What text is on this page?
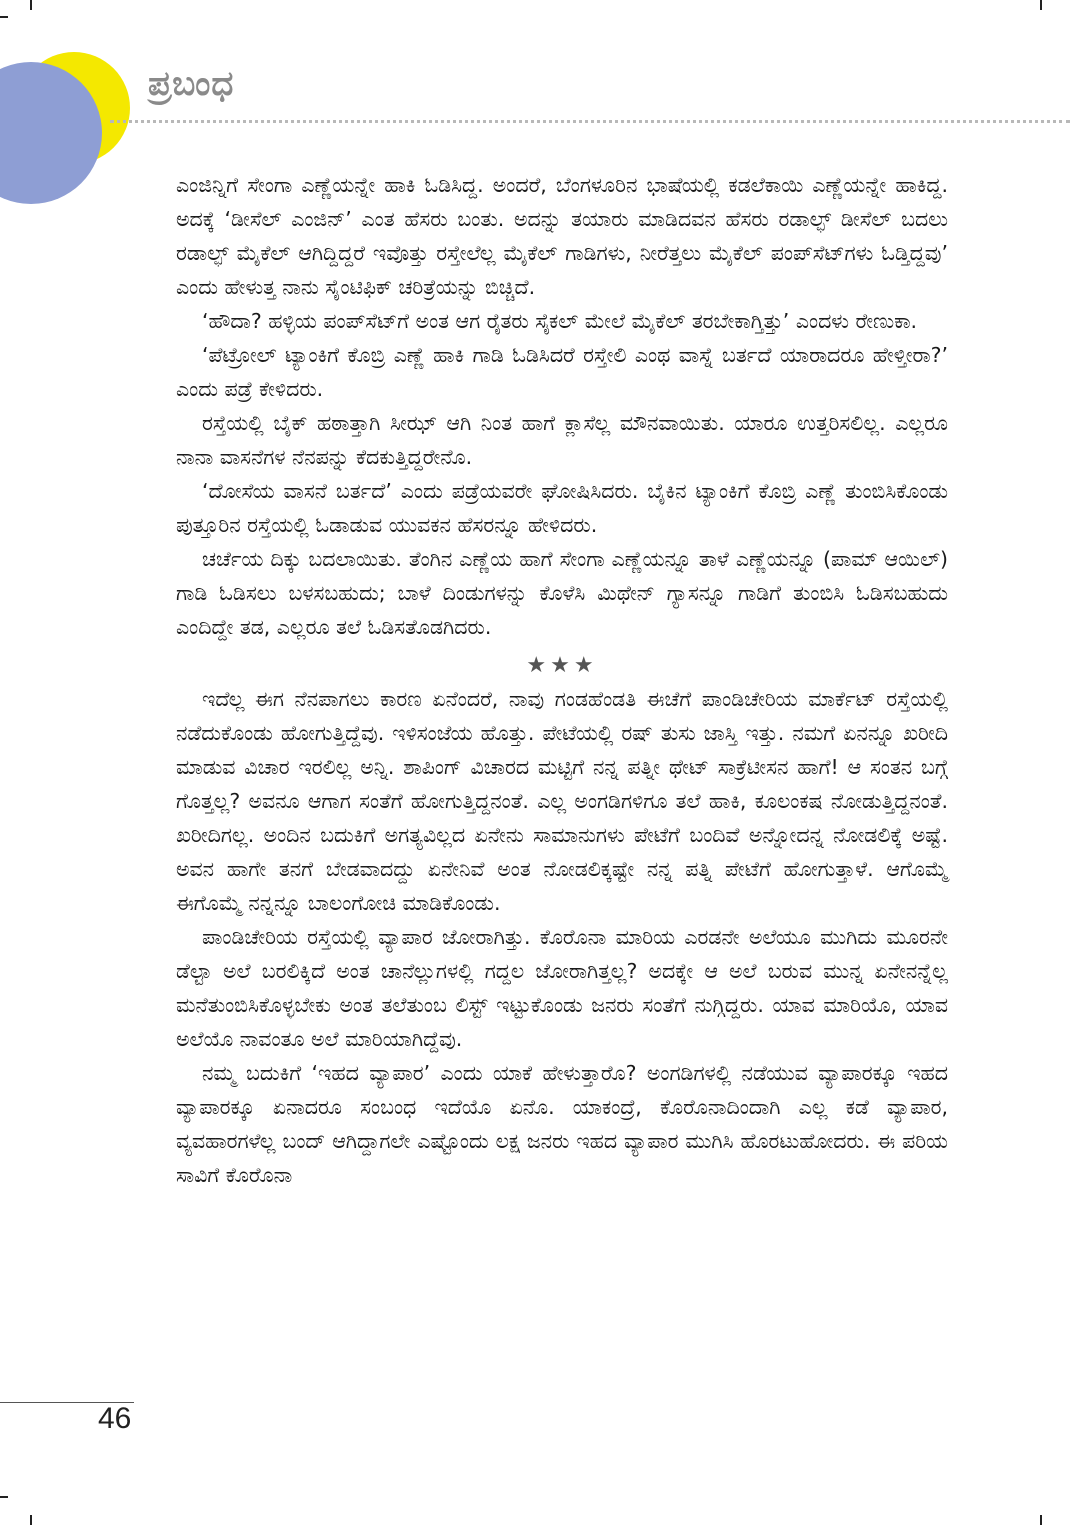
ಪ್ರಬಂಧ

ಎಂಜಿನ್ನಿಗೆ ಸೇಂಗಾ ಎಣ್ಣೆಯನ್ನೇ ಹಾಕಿ ಓಡಿಸಿದ್ದ. ಅಂದರೆ, ಬೆಂಗಳೂರಿನ ಭಾಷೆಯಲ್ಲಿ ಕಡಲೆಕಾಯಿ ಎಣ್ಣೆಯನ್ನೇ ಹಾಕಿದ್ದ. ಅದಕ್ಕೆ ‘ಡೀಸೆಲ್ ಎಂಜಿನ್’ ಎಂತ ಹೆಸರು ಬಂತು. ಅದನ್ನು ತಯಾರು ಮಾಡಿದವನ ಹೆಸರು ರಡಾಲ್ಫ್ ಡೀಸೆಲ್ ಬದಲು ರಡಾಲ್ಫ್ ಮೈಕೆಲ್ ಆಗಿದ್ದಿದ್ದರೆ ಇವೊತ್ತು ರಸ್ತೇಲೆಲ್ಲ ಮೈಕೆಲ್ ಗಾಡಿಗಳು, ನೀರೆತ್ತಲು ಮೈಕೆಲ್ ಪಂಪ್‌ಸೆಟ್‌ಗಳು ಓಡ್ತಿದ್ದವು’ ಎಂದು ಹೇಳುತ್ತ ನಾನು ಸೈಂಟಿಫಿಕ್ ಚರಿತ್ರೆಯನ್ನು ಬಿಚ್ಚಿದೆ.

‘ಹೌದಾ? ಹಳ್ಳಿಯ ಪಂಪ್‌ಸೆಟ್‌ಗೆ ಅಂತ ಆಗ ರೈತರು ಸೈಕಲ್ ಮೇಲೆ ಮೈಕೆಲ್ ತರಬೇಕಾಗ್ತಿತ್ತು’ ಎಂದಳು ರೇಣುಕಾ.

‘ಪೆಟ್ರೋಲ್ ಟ್ಯಾಂಕಿಗೆ ಕೊಬ್ರಿ ಎಣ್ಣೆ ಹಾಕಿ ಗಾಡಿ ಓಡಿಸಿದರೆ ರಸ್ತೇಲಿ ಎಂಥ ವಾಸ್ನೆ ಬರ್ತದೆ ಯಾರಾದರೂ ಹೇಳ್ತೀರಾ?’ ಎಂದು ಪಡ್ರೆ ಕೇಳಿದರು.

ರಸ್ತೆಯಲ್ಲಿ ಬೈಕ್ ಹಠಾತ್ತಾಗಿ ಸೀಝ್ ಆಗಿ ನಿಂತ ಹಾಗೆ ಕ್ಲಾಸೆಲ್ಲ ಮೌನವಾಯಿತು. ಯಾರೂ ಉತ್ತರಿಸಲಿಲ್ಲ. ಎಲ್ಲರೂ ನಾನಾ ವಾಸನೆಗಳ ನೆನಪನ್ನು ಕೆದಕುತ್ತಿದ್ದರೇನೊ.

‘ದೋಸೆಯ ವಾಸನೆ ಬರ್ತದೆ’ ಎಂದು ಪಡ್ರೆಯವರೇ ಘೋಷಿಸಿದರು. ಬೈಕಿನ ಟ್ಯಾಂಕಿಗೆ ಕೊಬ್ರಿ ಎಣ್ಣೆ ತುಂಬಿಸಿಕೊಂಡು ಪುತ್ತೂರಿನ ರಸ್ತೆಯಲ್ಲಿ ಓಡಾಡುವ ಯುವಕನ ಹೆಸರನ್ನೂ ಹೇಳಿದರು.

ಚರ್ಚೆಯ ದಿಕ್ಕು ಬದಲಾಯಿತು. ತೆಂಗಿನ ಎಣ್ಣೆಯ ಹಾಗೆ ಸೇಂಗಾ ಎಣ್ಣೆಯನ್ನೂ ತಾಳೆ ಎಣ್ಣೆಯನ್ನೂ (ಪಾಮ್ ಆಯಿಲ್) ಗಾಡಿ ಓಡಿಸಲು ಬಳಸಬಹುದು; ಬಾಳೆ ದಿಂಡುಗಳನ್ನು ಕೊಳೆಸಿ ಮಿಥೇನ್ ಗ್ಯಾಸನ್ನೂ ಗಾಡಿಗೆ ತುಂಬಿಸಿ ಓಡಿಸಬಹುದು ಎಂದಿದ್ದೇ ತಡ, ಎಲ್ಲರೂ ತಲೆ ಓಡಿಸತೊಡಗಿದರು.

★★★

ಇದೆಲ್ಲ ಈಗ ನೆನಪಾಗಲು ಕಾರಣ ಏನೆಂದರೆ, ನಾವು ಗಂಡಹೆಂಡತಿ ಈಚೆಗೆ ಪಾಂಡಿಚೇರಿಯ ಮಾರ್ಕೆಟ್ ರಸ್ತೆಯಲ್ಲಿ ನಡೆದುಕೊಂಡು ಹೋಗುತ್ತಿದ್ದೆವು. ಇಳಿಸಂಜೆಯ ಹೊತ್ತು. ಪೇಟೆಯಲ್ಲಿ ರಷ್ ತುಸು ಜಾಸ್ತಿ ಇತ್ತು. ನಮಗೆ ಏನನ್ನೂ ಖರೀದಿ ಮಾಡುವ ವಿಚಾರ ಇರಲಿಲ್ಲ ಅನ್ನಿ. ಶಾಪಿಂಗ್ ವಿಚಾರದ ಮಟ್ಟಿಗೆ ನನ್ನ ಪತ್ನೀ ಥೇಟ್ ಸಾಕ್ರೆಟೀಸನ ಹಾಗೆ! ಆ ಸಂತನ ಬಗ್ಗೆ ಗೊತ್ತಲ್ಲ? ಅವನೂ ಆಗಾಗ ಸಂತೆಗೆ ಹೋಗುತ್ತಿದ್ದನಂತೆ. ಎಲ್ಲ ಅಂಗಡಿಗಳಿಗೂ ತಲೆ ಹಾಕಿ, ಕೂಲಂಕಷ ನೋಡುತ್ತಿದ್ದನಂತೆ. ಖರೀದಿಗಲ್ಲ. ಅಂದಿನ ಬದುಕಿಗೆ ಅಗತ್ಯವಿಲ್ಲದ ಏನೇನು ಸಾಮಾನುಗಳು ಪೇಟೆಗೆ ಬಂದಿವೆ ಅನ್ನೋದನ್ನ ನೋಡಲಿಕ್ಕೆ ಅಷ್ಟೆ. ಅವನ ಹಾಗೇ ತನಗೆ ಬೇಡವಾದದ್ದು ಏನೇನಿವೆ ಅಂತ ನೋಡಲಿಕ್ಕಷ್ಟೇ ನನ್ನ ಪತ್ನಿ ಪೇಟೆಗೆ ಹೋಗುತ್ತಾಳೆ. ಆಗೊಮ್ಮೆ ಈಗೊಮ್ಮೆ ನನ್ನನ್ನೂ ಬಾಲಂಗೋಚಿ ಮಾಡಿಕೊಂಡು.

ಪಾಂಡಿಚೇರಿಯ ರಸ್ತೆಯಲ್ಲಿ ವ್ಯಾಪಾರ ಜೋರಾಗಿತ್ತು. ಕೊರೊನಾ ಮಾರಿಯ ಎರಡನೇ ಅಲೆಯೂ ಮುಗಿದು ಮೂರನೇ ಡೆಲ್ಟಾ ಅಲೆ ಬರಲಿಕ್ಕಿದೆ ಅಂತ ಚಾನೆಲ್ಲುಗಳಲ್ಲಿ ಗದ್ದಲ ಜೋರಾಗಿತ್ತಲ್ಲ? ಅದಕ್ಕೇ ಆ ಅಲೆ ಬರುವ ಮುನ್ನ ಏನೇನನ್ನೆಲ್ಲ ಮನೆತುಂಬಿಸಿಕೊಳ್ಳಬೇಕು ಅಂತ ತಲೆತುಂಬ ಲಿಸ್ಟ್ ಇಟ್ಟುಕೊಂಡು ಜನರು ಸಂತೆಗೆ ನುಗ್ಗಿದ್ದರು. ಯಾವ ಮಾರಿಯೊ, ಯಾವ ಅಲೆಯೊ ನಾವಂತೂ ಅಲೆ ಮಾರಿಯಾಗಿದ್ದೆವು.

ನಮ್ಮ ಬದುಕಿಗೆ ‘ಇಹದ ವ್ಯಾಪಾರ’ ಎಂದು ಯಾಕೆ ಹೇಳುತ್ತಾರೊ? ಅಂಗಡಿಗಳಲ್ಲಿ ನಡೆಯುವ ವ್ಯಾಪಾರಕ್ಕೂ ಇಹದ ವ್ಯಾಪಾರಕ್ಕೂ ಏನಾದರೂ ಸಂಬಂಧ ಇದೆಯೊ ಏನೊ. ಯಾಕಂದ್ರೆ, ಕೊರೊನಾದಿಂದಾಗಿ ಎಲ್ಲ ಕಡೆ ವ್ಯಾಪಾರ, ವ್ಯವಹಾರಗಳೆಲ್ಲ ಬಂದ್ ಆಗಿದ್ದಾಗಲೇ ಎಷ್ಟೊಂದು ಲಕ್ಷ ಜನರು ಇಹದ ವ್ಯಾಪಾರ ಮುಗಿಸಿ ಹೊರಟುಹೋದರು. ಈ ಪರಿಯ ಸಾವಿಗೆ ಕೊರೊನಾ

46
